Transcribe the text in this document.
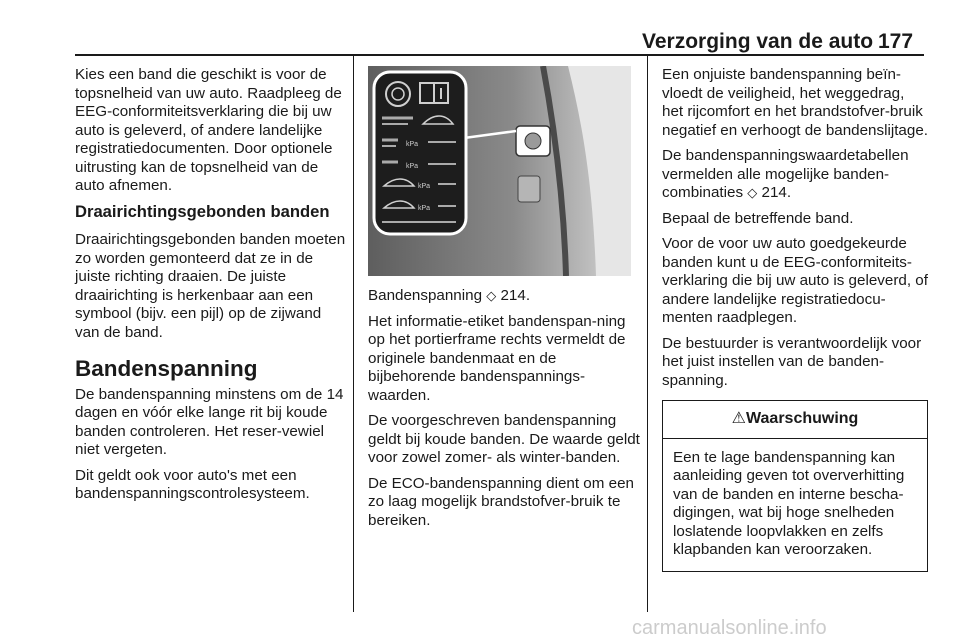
Verzorging van de auto 177

Kies een band die geschikt is voor de topsnelheid van uw auto. Raadpleeg de EEG-conformiteitsverklaring die bij uw auto is geleverd, of andere landelijke registratiedocumenten. Door optionele uitrusting kan de topsnelheid van de auto afnemen.

Draairichtingsgebonden banden

Draairichtingsgebonden banden moeten zo worden gemonteerd dat ze in de juiste richting draaien. De juiste draairichting is herkenbaar aan een symbool (bijv. een pijl) op de zijwand van de band.

Bandenspanning

De bandenspanning minstens om de 14 dagen en vóór elke lange rit bij koude banden controleren. Het reser-vewiel niet vergeten.

Dit geldt ook voor auto's met een bandenspanningscontrolesysteem.

kPa
kPa
kPa
kPa

Bandenspanning ◇ 214.

Het informatie-etiket bandenspan-ning op het portierframe rechts vermeldt de originele bandenmaat en de bijbehorende bandenspannings-waarden.

De voorgeschreven bandenspanning geldt bij koude banden. De waarde geldt voor zowel zomer- als winter-banden.

De ECO-bandenspanning dient om een zo laag mogelijk brandstofver-bruik te bereiken.

Een onjuiste bandenspanning beïn-vloedt de veiligheid, het weggedrag, het rijcomfort en het brandstofver-bruik negatief en verhoogt de bandenslijtage.

De bandenspanningswaardetabellen vermelden alle mogelijke banden-combinaties ◇ 214.

Bepaal de betreffende band.

Voor de voor uw auto goedgekeurde banden kunt u de EEG-conformiteits-verklaring die bij uw auto is geleverd, of andere landelijke registratiedocu-menten raadplegen.

De bestuurder is verantwoordelijk voor het juist instellen van de banden-spanning.

⚠Waarschuwing
Een te lage bandenspanning kan aanleiding geven tot oververhitting van de banden en interne bescha-digingen, wat bij hoge snelheden loslatende loopvlakken en zelfs klapbanden kan veroorzaken.
carmanualsonline.info
